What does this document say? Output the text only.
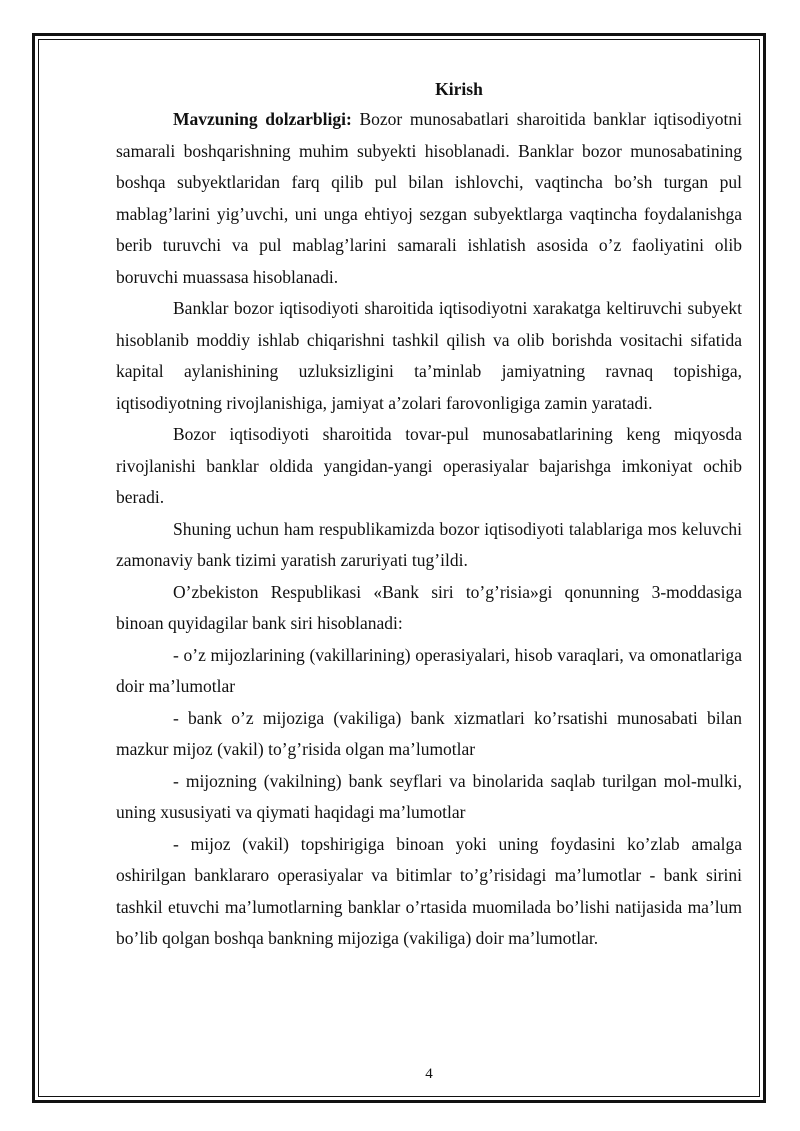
Kirish

Mavzuning dolzarbligi: Bozor munosabatlari sharoitida banklar iqtisodiyotni samarali boshqarishning muhim subyekti hisoblanadi. Banklar bozor munosabatining boshqa subyektlaridan farq qilib pul bilan ishlovchi, vaqtincha bo’sh turgan pul mablag’larini yig’uvchi, uni unga ehtiyoj sezgan subyektlarga vaqtincha foydalanishga berib turuvchi va pul mablag’larini samarali ishlatish asosida o’z faoliyatini olib boruvchi muassasa hisoblanadi.

Banklar bozor iqtisodiyoti sharoitida iqtisodiyotni xarakatga keltiruvchi subyekt hisoblanib moddiy ishlab chiqarishni tashkil qilish va olib borishda vositachi sifatida kapital aylanishining uzluksizligini ta’minlab jamiyatning ravnaq topishiga, iqtisodiyotning rivojlanishiga, jamiyat a’zolari farovonligiga zamin yaratadi.

Bozor iqtisodiyoti sharoitida tovar-pul munosabatlarining keng miqyosda rivojlanishi banklar oldida yangidan-yangi operasiyalar bajarishga imkoniyat ochib beradi.

Shuning uchun ham respublikamizda bozor iqtisodiyoti talablariga mos keluvchi zamonaviy bank tizimi yaratish zaruriyati tug’ildi.

O’zbekiston Respublikasi «Bank siri to’g’risia»gi qonunning 3-moddasiga binoan quyidagilar bank siri hisoblanadi:

- o’z mijozlarining (vakillarining) operasiyalari, hisob varaqlari, va omonatlariga doir ma’lumotlar

- bank o’z mijoziga (vakiliga) bank xizmatlari ko’rsatishi munosabati bilan mazkur mijoz (vakil) to’g’risida olgan ma’lumotlar

- mijozning (vakilning) bank seyflari va binolarida saqlab turilgan mol-mulki, uning xususiyati va qiymati haqidagi ma’lumotlar

- mijoz (vakil) topshirigiga binoan yoki uning foydasini ko’zlab amalga oshirilgan banklararo operasiyalar va bitimlar to’g’risidagi ma’lumotlar - bank sirini tashkil etuvchi ma’lumotlarning banklar o’rtasida muomilada bo’lishi natijasida ma’lum bo’lib qolgan boshqa bankning mijoziga (vakiliga) doir ma’lumotlar.

4
